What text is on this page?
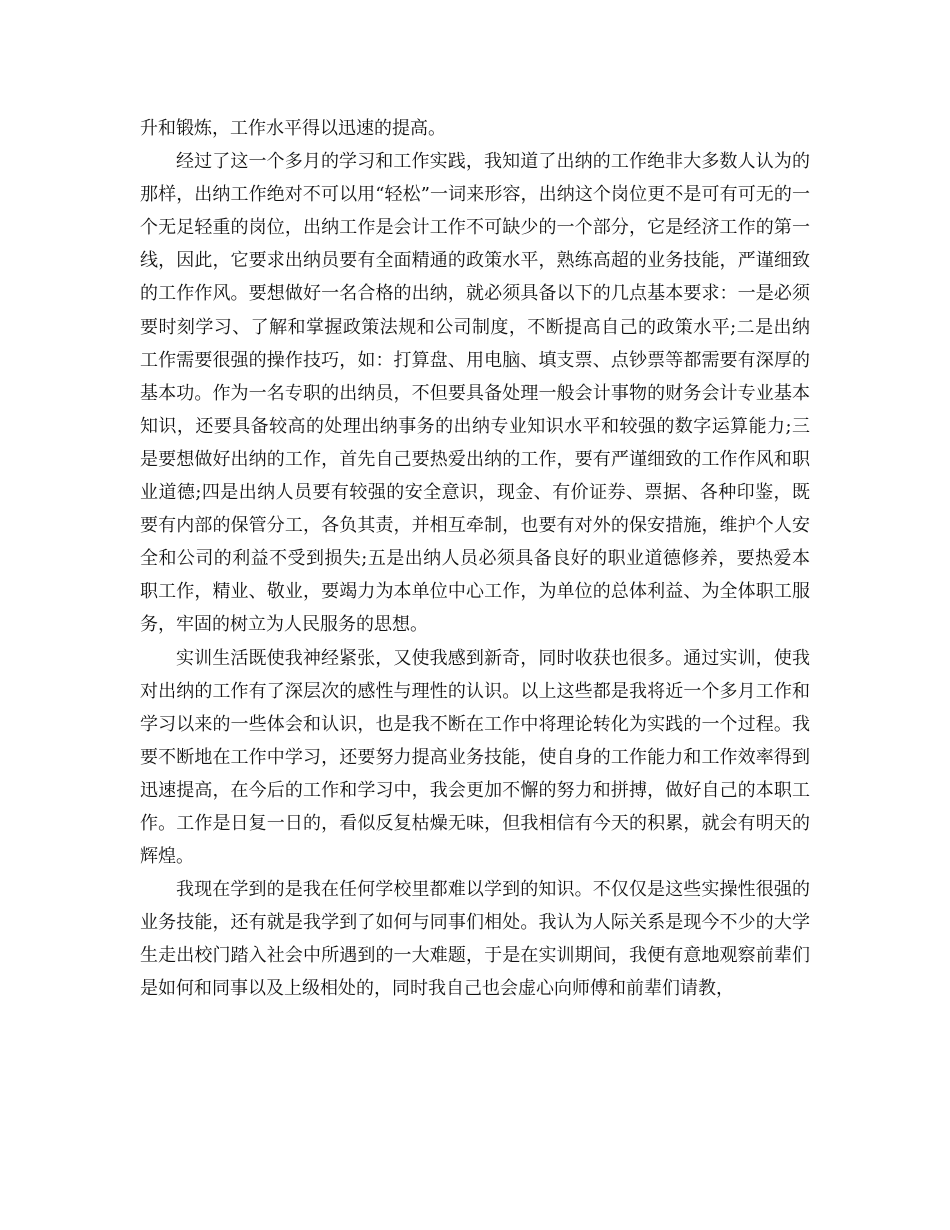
升和锻炼，工作水平得以迅速的提高。

经过了这一个多月的学习和工作实践，我知道了出纳的工作绝非大多数人认为的那样，出纳工作绝对不可以用“轻松”一词来形容，出纳这个岗位更不是可有可无的一个无足轻重的岗位，出纳工作是会计工作不可缺少的一个部分，它是经济工作的第一线，因此，它要求出纳员要有全面精通的政策水平，熟练高超的业务技能，严谨细致的工作作风。要想做好一名合格的出纳，就必须具备以下的几点基本要求：一是必须要时刻学习、了解和掌握政策法规和公司制度，不断提高自己的政策水平;二是出纳工作需要很强的操作技巧，如：打算盘、用电脑、填支票、点钞票等都需要有深厚的基本功。作为一名专职的出纳员，不但要具备处理一般会计事物的财务会计专业基本知识，还要具备较高的处理出纳事务的出纳专业知识水平和较强的数字运算能力;三是要想做好出纳的工作，首先自己要热爱出纳的工作，要有严谨细致的工作作风和职业道德;四是出纳人员要有较强的安全意识，现金、有价证券、票据、各种印鉴，既要有内部的保管分工，各负其责，并相互牵制，也要有对外的保安措施，维护个人安全和公司的利益不受到损失;五是出纳人员必须具备良好的职业道德修养，要热爱本职工作，精业、敬业，要竭力为本单位中心工作，为单位的总体利益、为全体职工服务，牢固的树立为人民服务的思想。

实训生活既使我神经紧张，又使我感到新奇，同时收获也很多。通过实训，使我对出纳的工作有了深层次的感性与理性的认识。以上这些都是我将近一个多月工作和学习以来的一些体会和认识，也是我不断在工作中将理论转化为实践的一个过程。我要不断地在工作中学习，还要努力提高业务技能，使自身的工作能力和工作效率得到迅速提高，在今后的工作和学习中，我会更加不懈的努力和拼搏，做好自己的本职工作。工作是日复一日的，看似反复枯燥无味，但我相信有今天的积累，就会有明天的辉煌。

我现在学到的是我在任何学校里都难以学到的知识。不仅仅是这些实操性很强的业务技能，还有就是我学到了如何与同事们相处。我认为人际关系是现今不少的大学生走出校门踏入社会中所遇到的一大难题，于是在实训期间，我便有意地观察前辈们是如何和同事以及上级相处的，同时我自己也会虚心向师傅和前辈们请教，
